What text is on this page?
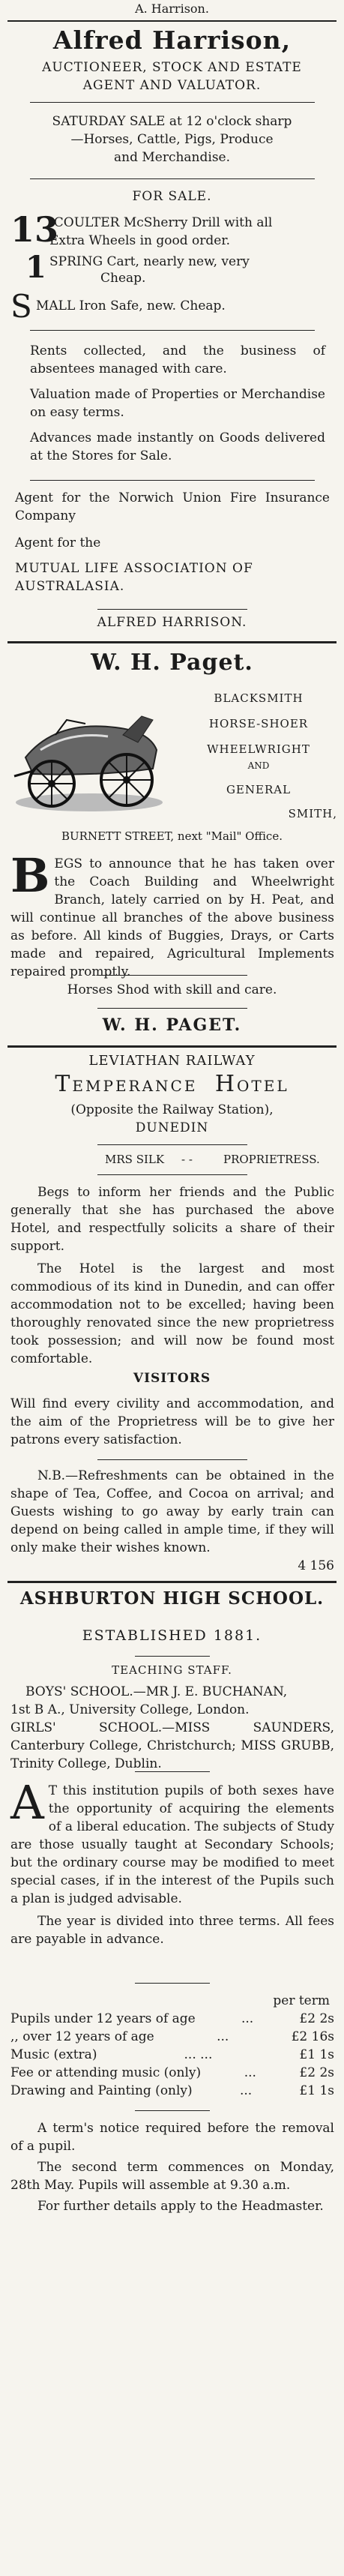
A. Harrison.
Alfred Harrison,
AUCTIONEER, STOCK AND ESTATE
AGENT AND VALUATOR.
SATURDAY SALE at 12 o'clock sharp
—Horses, Cattle, Pigs, Produce
and Merchandise.
FOR SALE.
13
-COULTER McSherry Drill with all
Extra Wheels in good order.
1 SPRING Cart, nearly new, very
Cheap.
S MALL Iron Safe, new. Cheap.

Rents collected, and the business of absentees managed with care.

Valuation made of Properties or Merchandise on easy terms.

Advances made instantly on Goods delivered at the Stores for Sale.

Agent for the Norwich Union Fire Insurance Company

Agent for the

MUTUAL LIFE ASSOCIATION OF

AUSTRALASIA.

ALFRED HARRISON.
W. H. Paget.
BLACKSMITH
HORSE-SHOER
WHEELWRIGHT
AND
GENERAL
SMITH,
BURNETT STREET, next "Mail" Office.
B EGS to announce that he has taken over the Coach Building and Wheelwright Branch, lately carried on by H. Peat, and will continue all branches of the above business as before. All kinds of Buggies, Drays, or Carts made and repaired, Agricultural Implements repaired promptly.

Horses Shod with skill and care.
W. H. PAGET.
LEVIATHAN RAILWAY
TEMPERANCE HOTEL
(Opposite the Railway Station),
DUNEDIN
MRS SILK - -	PROPRIETRESS.

Begs to inform her friends and the Public generally that she has purchased the above Hotel, and respectfully solicits a share of their support.

The Hotel is the largest and most commodious of its kind in Dunedin, and can offer accommodation not to be excelled; having been thoroughly renovated since the new proprietress took possession; and will now be found most comfortable.

VISITORS

Will find every civility and accommodation, and the aim of the Proprietress will be to give her patrons every satisfaction.

N.B.—Refreshments can be obtained in the shape of Tea, Coffee, and Cocoa on arrival; and Guests wishing to go away by early train can depend on being called in ample time, if they will only make their wishes known.

4 156
ASHBURTON HIGH SCHOOL.
ESTABLISHED 1881.
TEACHING STAFF.

BOYS' SCHOOL.—MR J. E. BUCHANAN,

1st B A., University College, London.

GIRLS' SCHOOL.—MISS SAUNDERS, Canterbury College, Christchurch; MISS GRUBB, Trinity College, Dublin.

A T this institution pupils of both sexes have the opportunity of acquiring the elements of a liberal education. The subjects of Study are those usually taught at Secondary Schools; but the ordinary course may be modified to meet special cases, if in the interest of the Pupils such a plan is judged advisable.

The year is divided into three terms. All fees are payable in advance.

per term
Pupils under 12 years of age	...	£2 2s
,, over 12 years of age	...	£2 16s
Music (extra)	... ...	£1 1s
Fee or attending music (only)	...	£2 2s
Drawing and Painting (only)	...	£1 1s

A term's notice required before the removal of a pupil.

The second term commences on Monday, 28th May. Pupils will assemble at 9.30 a.m.

For further details apply to the Headmaster.
